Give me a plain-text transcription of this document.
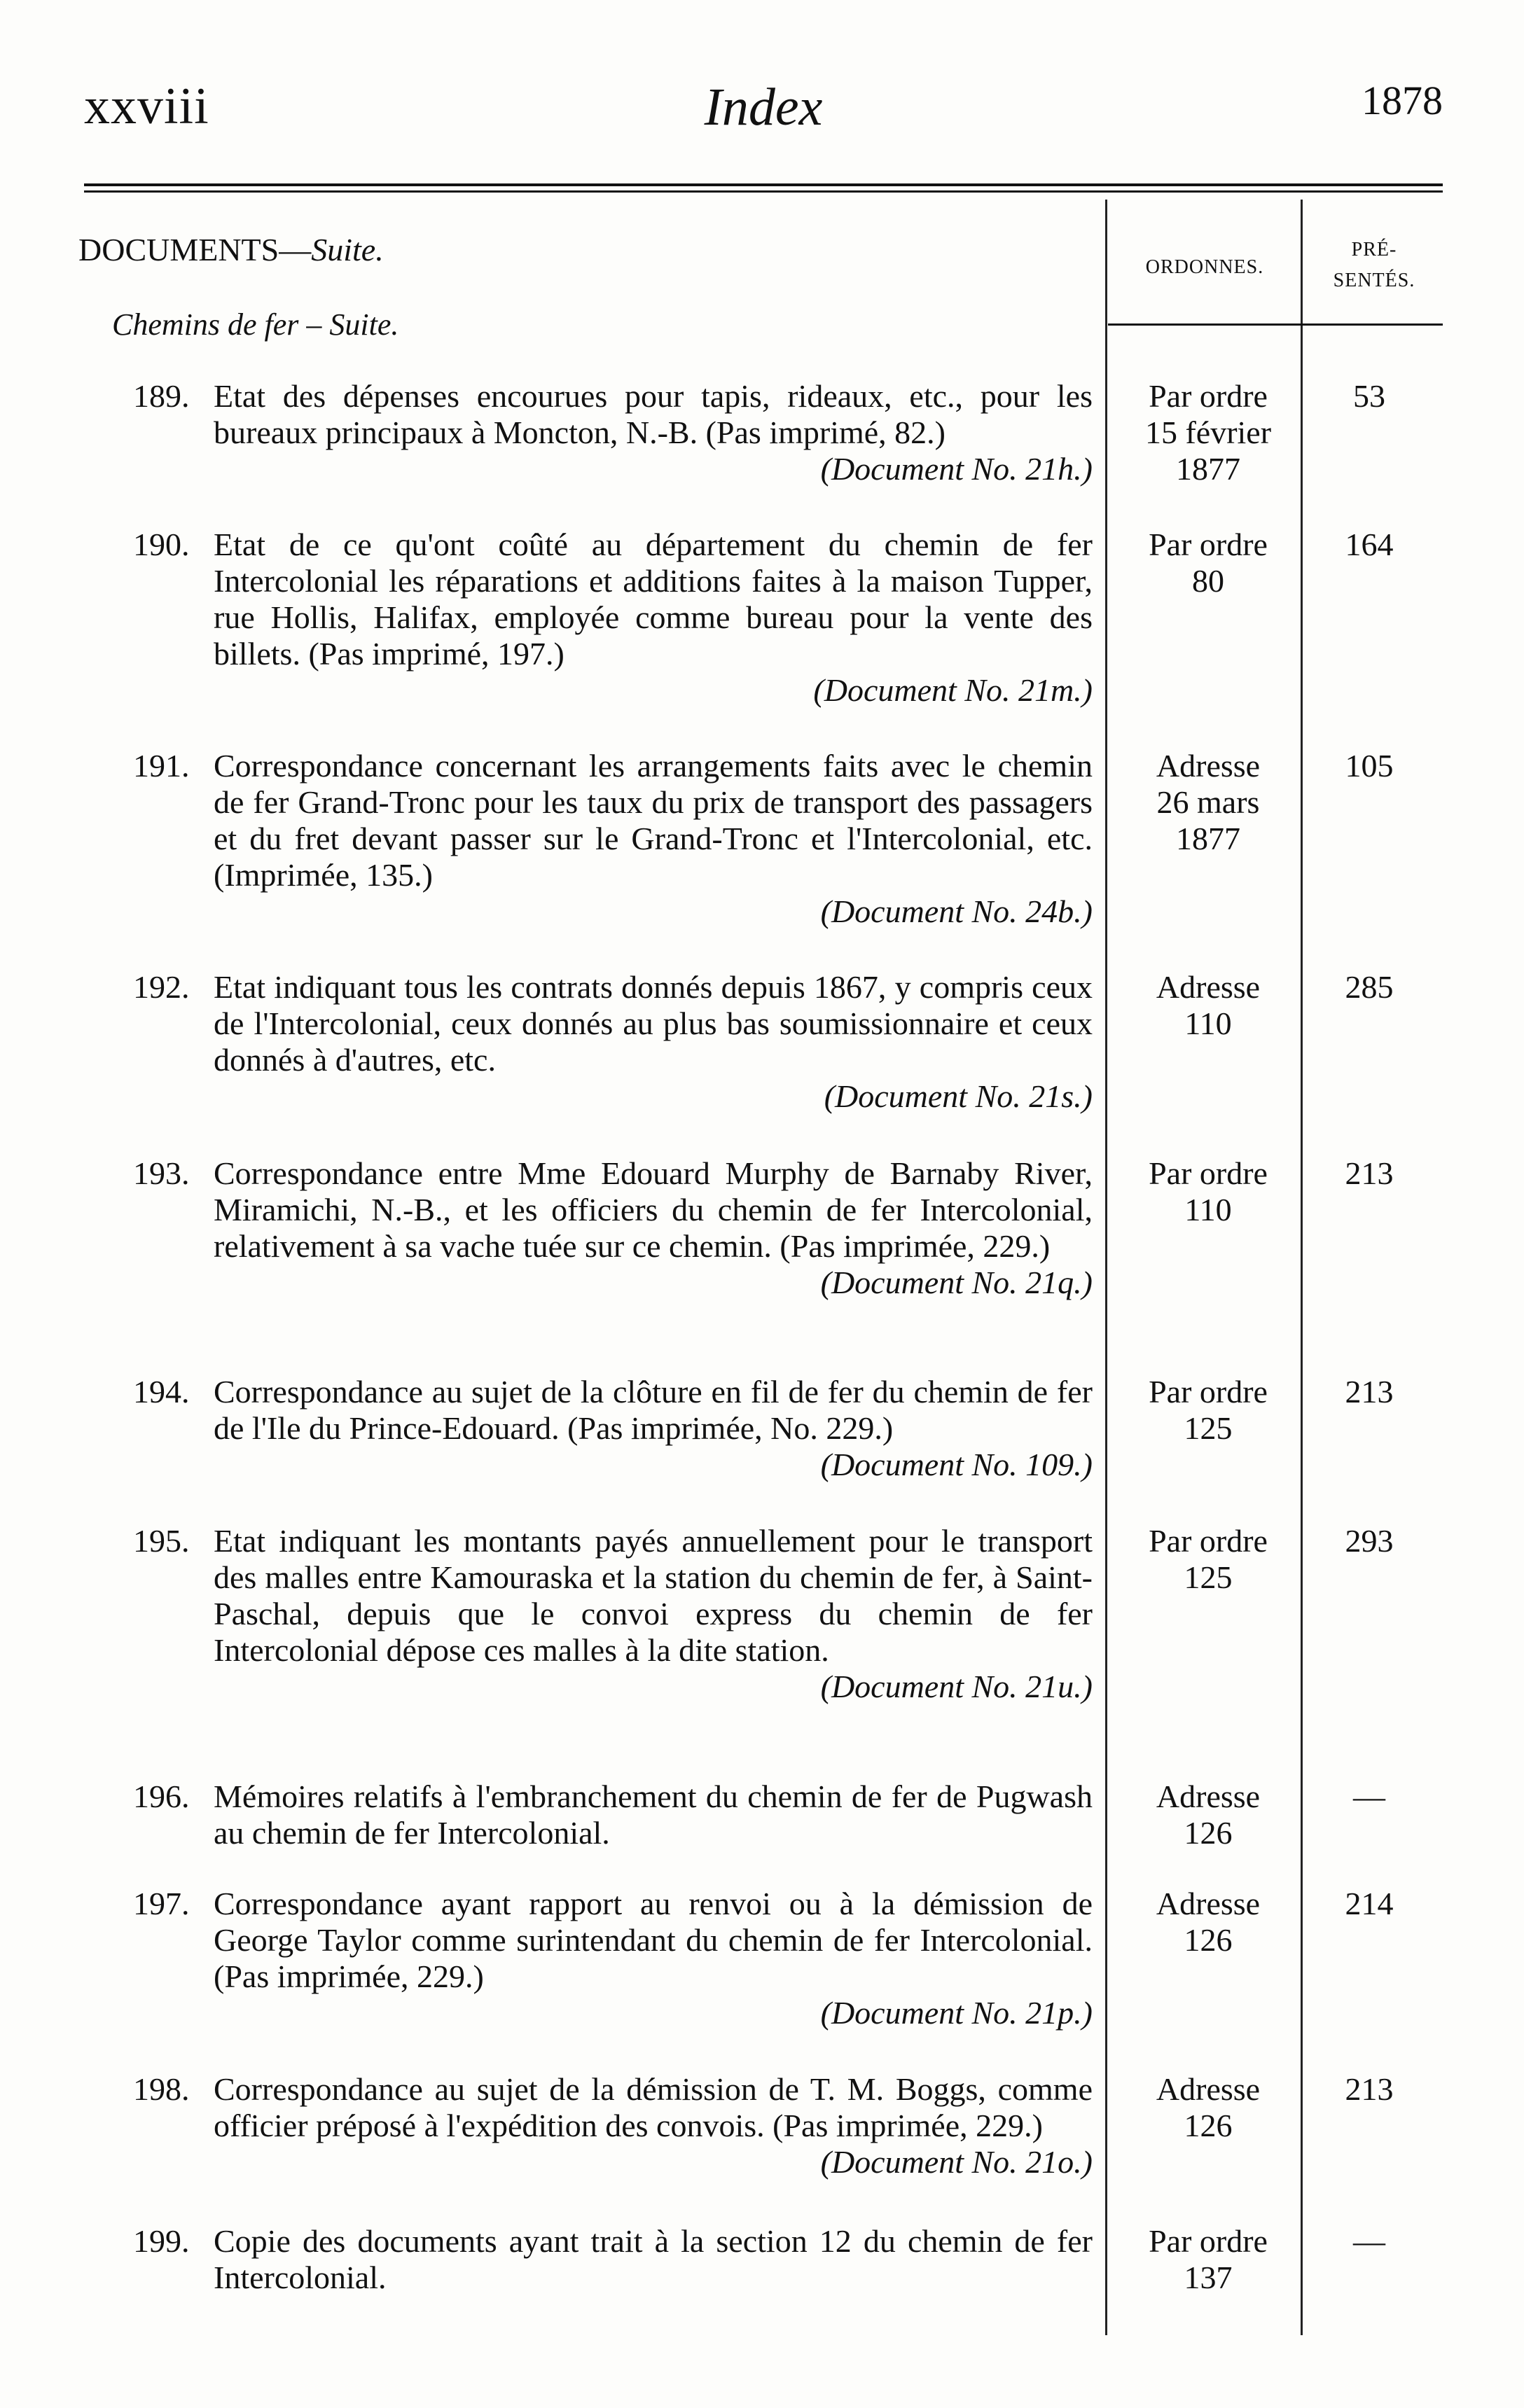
xxviii	Index	1878
DOCUMENTS—Suite.
Chemins de fer – Suite.
ORDONNES.
PRÉ-
SENTÉS.
189. Etat des dépenses encourues pour tapis, rideaux, etc., pour les bureaux principaux à Moncton, N.-B. (Pas imprimé, 82.)
(Document No. 21h.)
Par ordre
15 février
1877
53
190. Etat de ce qu'ont coûté au département du chemin de fer Intercolonial les réparations et additions faites à la maison Tupper, rue Hollis, Halifax, employée comme bureau pour la vente des billets. (Pas imprimé, 197.)
(Document No. 21m.)
Par ordre
80
164
191. Correspondance concernant les arrangements faits avec le chemin de fer Grand-Tronc pour les taux du prix de transport des passagers et du fret devant passer sur le Grand-Tronc et l'Intercolonial, etc. (Imprimée, 135.)
(Document No. 24b.)
Adresse
26 mars
1877
105
192. Etat indiquant tous les contrats donnés depuis 1867, y compris ceux de l'Intercolonial, ceux donnés au plus bas soumissionnaire et ceux donnés à d'autres, etc.
(Document No. 21s.)
Adresse
110
285
193. Correspondance entre Mme Edouard Murphy de Barnaby River, Miramichi, N.-B., et les officiers du chemin de fer Intercolonial, relativement à sa vache tuée sur ce chemin. (Pas imprimée, 229.)
(Document No. 21q.)
Par ordre
110
213
194. Correspondance au sujet de la clôture en fil de fer du chemin de fer de l'Ile du Prince-Edouard. (Pas imprimée, No. 229.)
(Document No. 109.)
Par ordre
125
213
195. Etat indiquant les montants payés annuellement pour le transport des malles entre Kamouraska et la station du chemin de fer, à Saint-Paschal, depuis que le convoi express du chemin de fer Intercolonial dépose ces malles à la dite station.
(Document No. 21u.)
Par ordre
125
293
196. Mémoires relatifs à l'embranchement du chemin de fer de Pugwash au chemin de fer Intercolonial.
Adresse
126
—
197. Correspondance ayant rapport au renvoi ou à la démission de George Taylor comme surintendant du chemin de fer Intercolonial. (Pas imprimée, 229.)
(Document No. 21p.)
Adresse
126
214
198. Correspondance au sujet de la démission de T. M. Boggs, comme officier préposé à l'expédition des convois. (Pas imprimée, 229.)
(Document No. 21o.)
Adresse
126
213
199. Copie des documents ayant trait à la section 12 du chemin de fer Intercolonial.
Par ordre
137
—
